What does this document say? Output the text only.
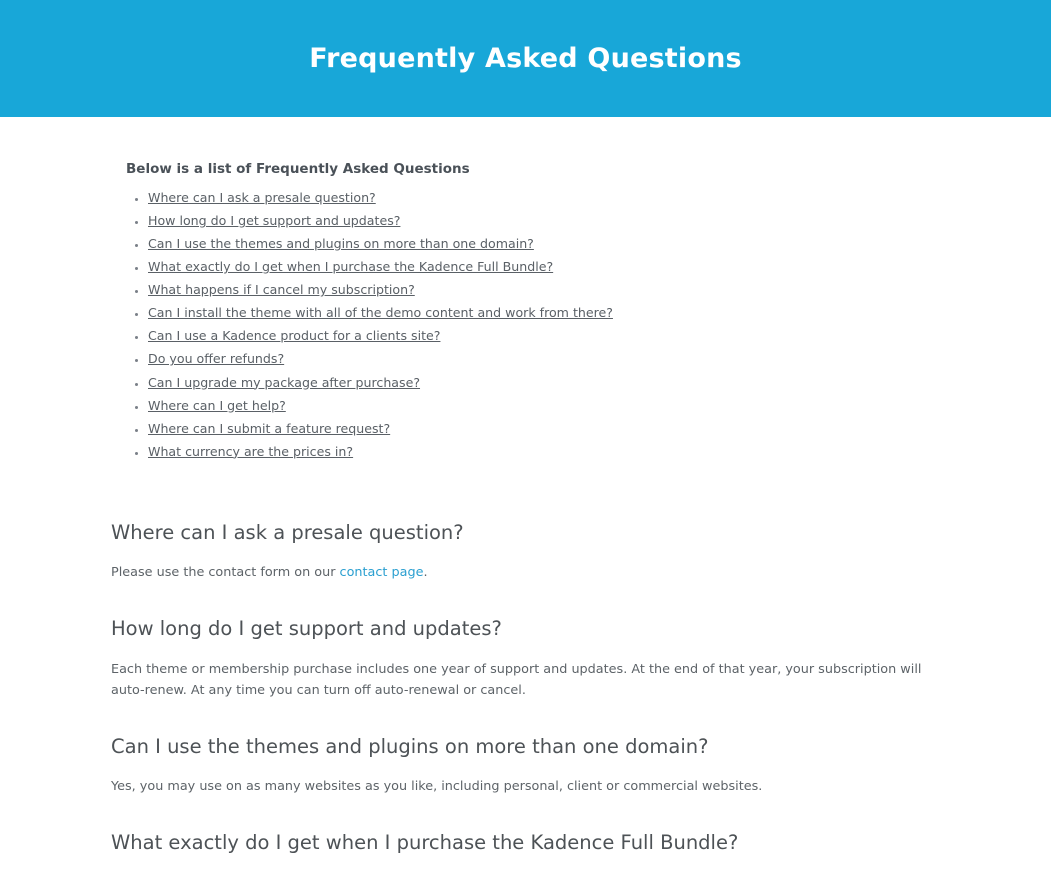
Frequently Asked Questions

Below is a list of Frequently Asked Questions

• Where can I ask a presale question?
• How long do I get support and updates?
• Can I use the themes and plugins on more than one domain?
• What exactly do I get when I purchase the Kadence Full Bundle?
• What happens if I cancel my subscription?
• Can I install the theme with all of the demo content and work from there?
• Can I use a Kadence product for a clients site?
• Do you offer refunds?
• Can I upgrade my package after purchase?
• Where can I get help?
• Where can I submit a feature request?
• What currency are the prices in?
Where can I ask a presale question?

Please use the contact form on our contact page.

How long do I get support and updates?

Each theme or membership purchase includes one year of support and updates. At the end of that year, your subscription will auto-renew. At any time you can turn off auto-renewal or cancel.

Can I use the themes and plugins on more than one domain?

Yes, you may use on as many websites as you like, including personal, client or commercial websites.

What exactly do I get when I purchase the Kadence Full Bundle?
